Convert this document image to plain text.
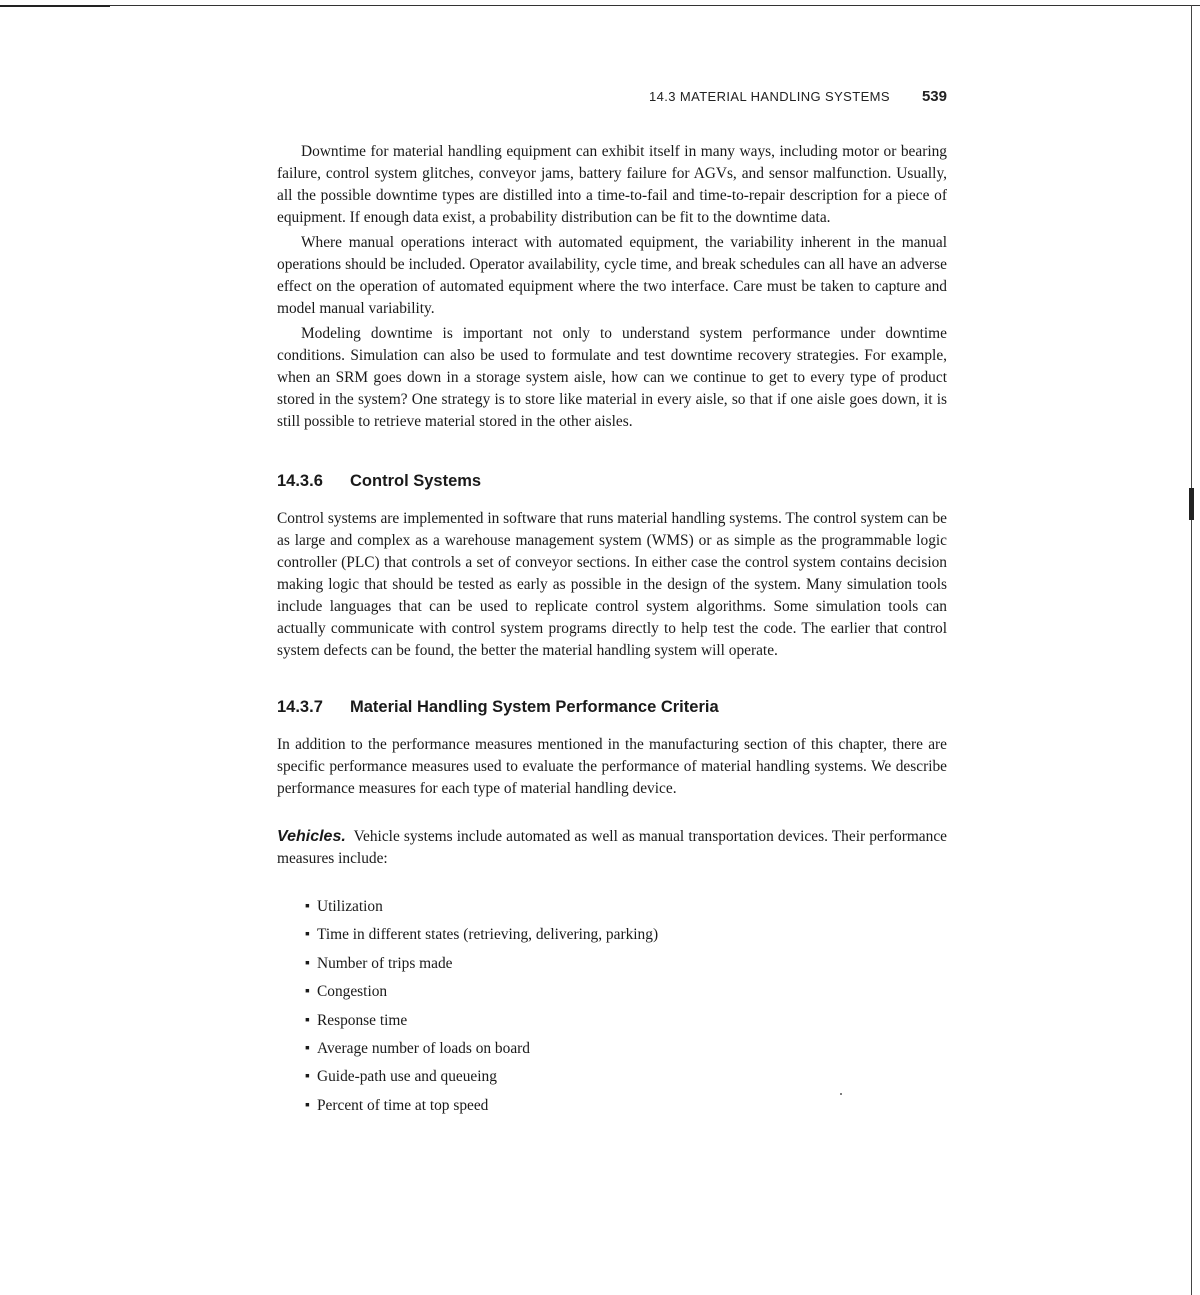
14.3 MATERIAL HANDLING SYSTEMS 539

Downtime for material handling equipment can exhibit itself in many ways, including motor or bearing failure, control system glitches, conveyor jams, battery failure for AGVs, and sensor malfunction. Usually, all the possible downtime types are distilled into a time-to-fail and time-to-repair description for a piece of equipment. If enough data exist, a probability distribution can be fit to the downtime data.

Where manual operations interact with automated equipment, the variability inherent in the manual operations should be included. Operator availability, cycle time, and break schedules can all have an adverse effect on the operation of automated equipment where the two interface. Care must be taken to capture and model manual variability.

Modeling downtime is important not only to understand system performance under downtime conditions. Simulation can also be used to formulate and test downtime recovery strategies. For example, when an SRM goes down in a storage system aisle, how can we continue to get to every type of product stored in the system? One strategy is to store like material in every aisle, so that if one aisle goes down, it is still possible to retrieve material stored in the other aisles.

14.3.6 Control Systems

Control systems are implemented in software that runs material handling systems. The control system can be as large and complex as a warehouse management system (WMS) or as simple as the programmable logic controller (PLC) that controls a set of conveyor sections. In either case the control system contains decision making logic that should be tested as early as possible in the design of the system. Many simulation tools include languages that can be used to replicate control system algorithms. Some simulation tools can actually communicate with control system programs directly to help test the code. The earlier that control system defects can be found, the better the material handling system will operate.

14.3.7 Material Handling System Performance Criteria

In addition to the performance measures mentioned in the manufacturing section of this chapter, there are specific performance measures used to evaluate the performance of material handling systems. We describe performance measures for each type of material handling device.

Vehicles. Vehicle systems include automated as well as manual transportation devices. Their performance measures include:

▪ Utilization
▪ Time in different states (retrieving, delivering, parking)
▪ Number of trips made
▪ Congestion
▪ Response time
▪ Average number of loads on board
▪ Guide-path use and queueing
▪ Percent of time at top speed
